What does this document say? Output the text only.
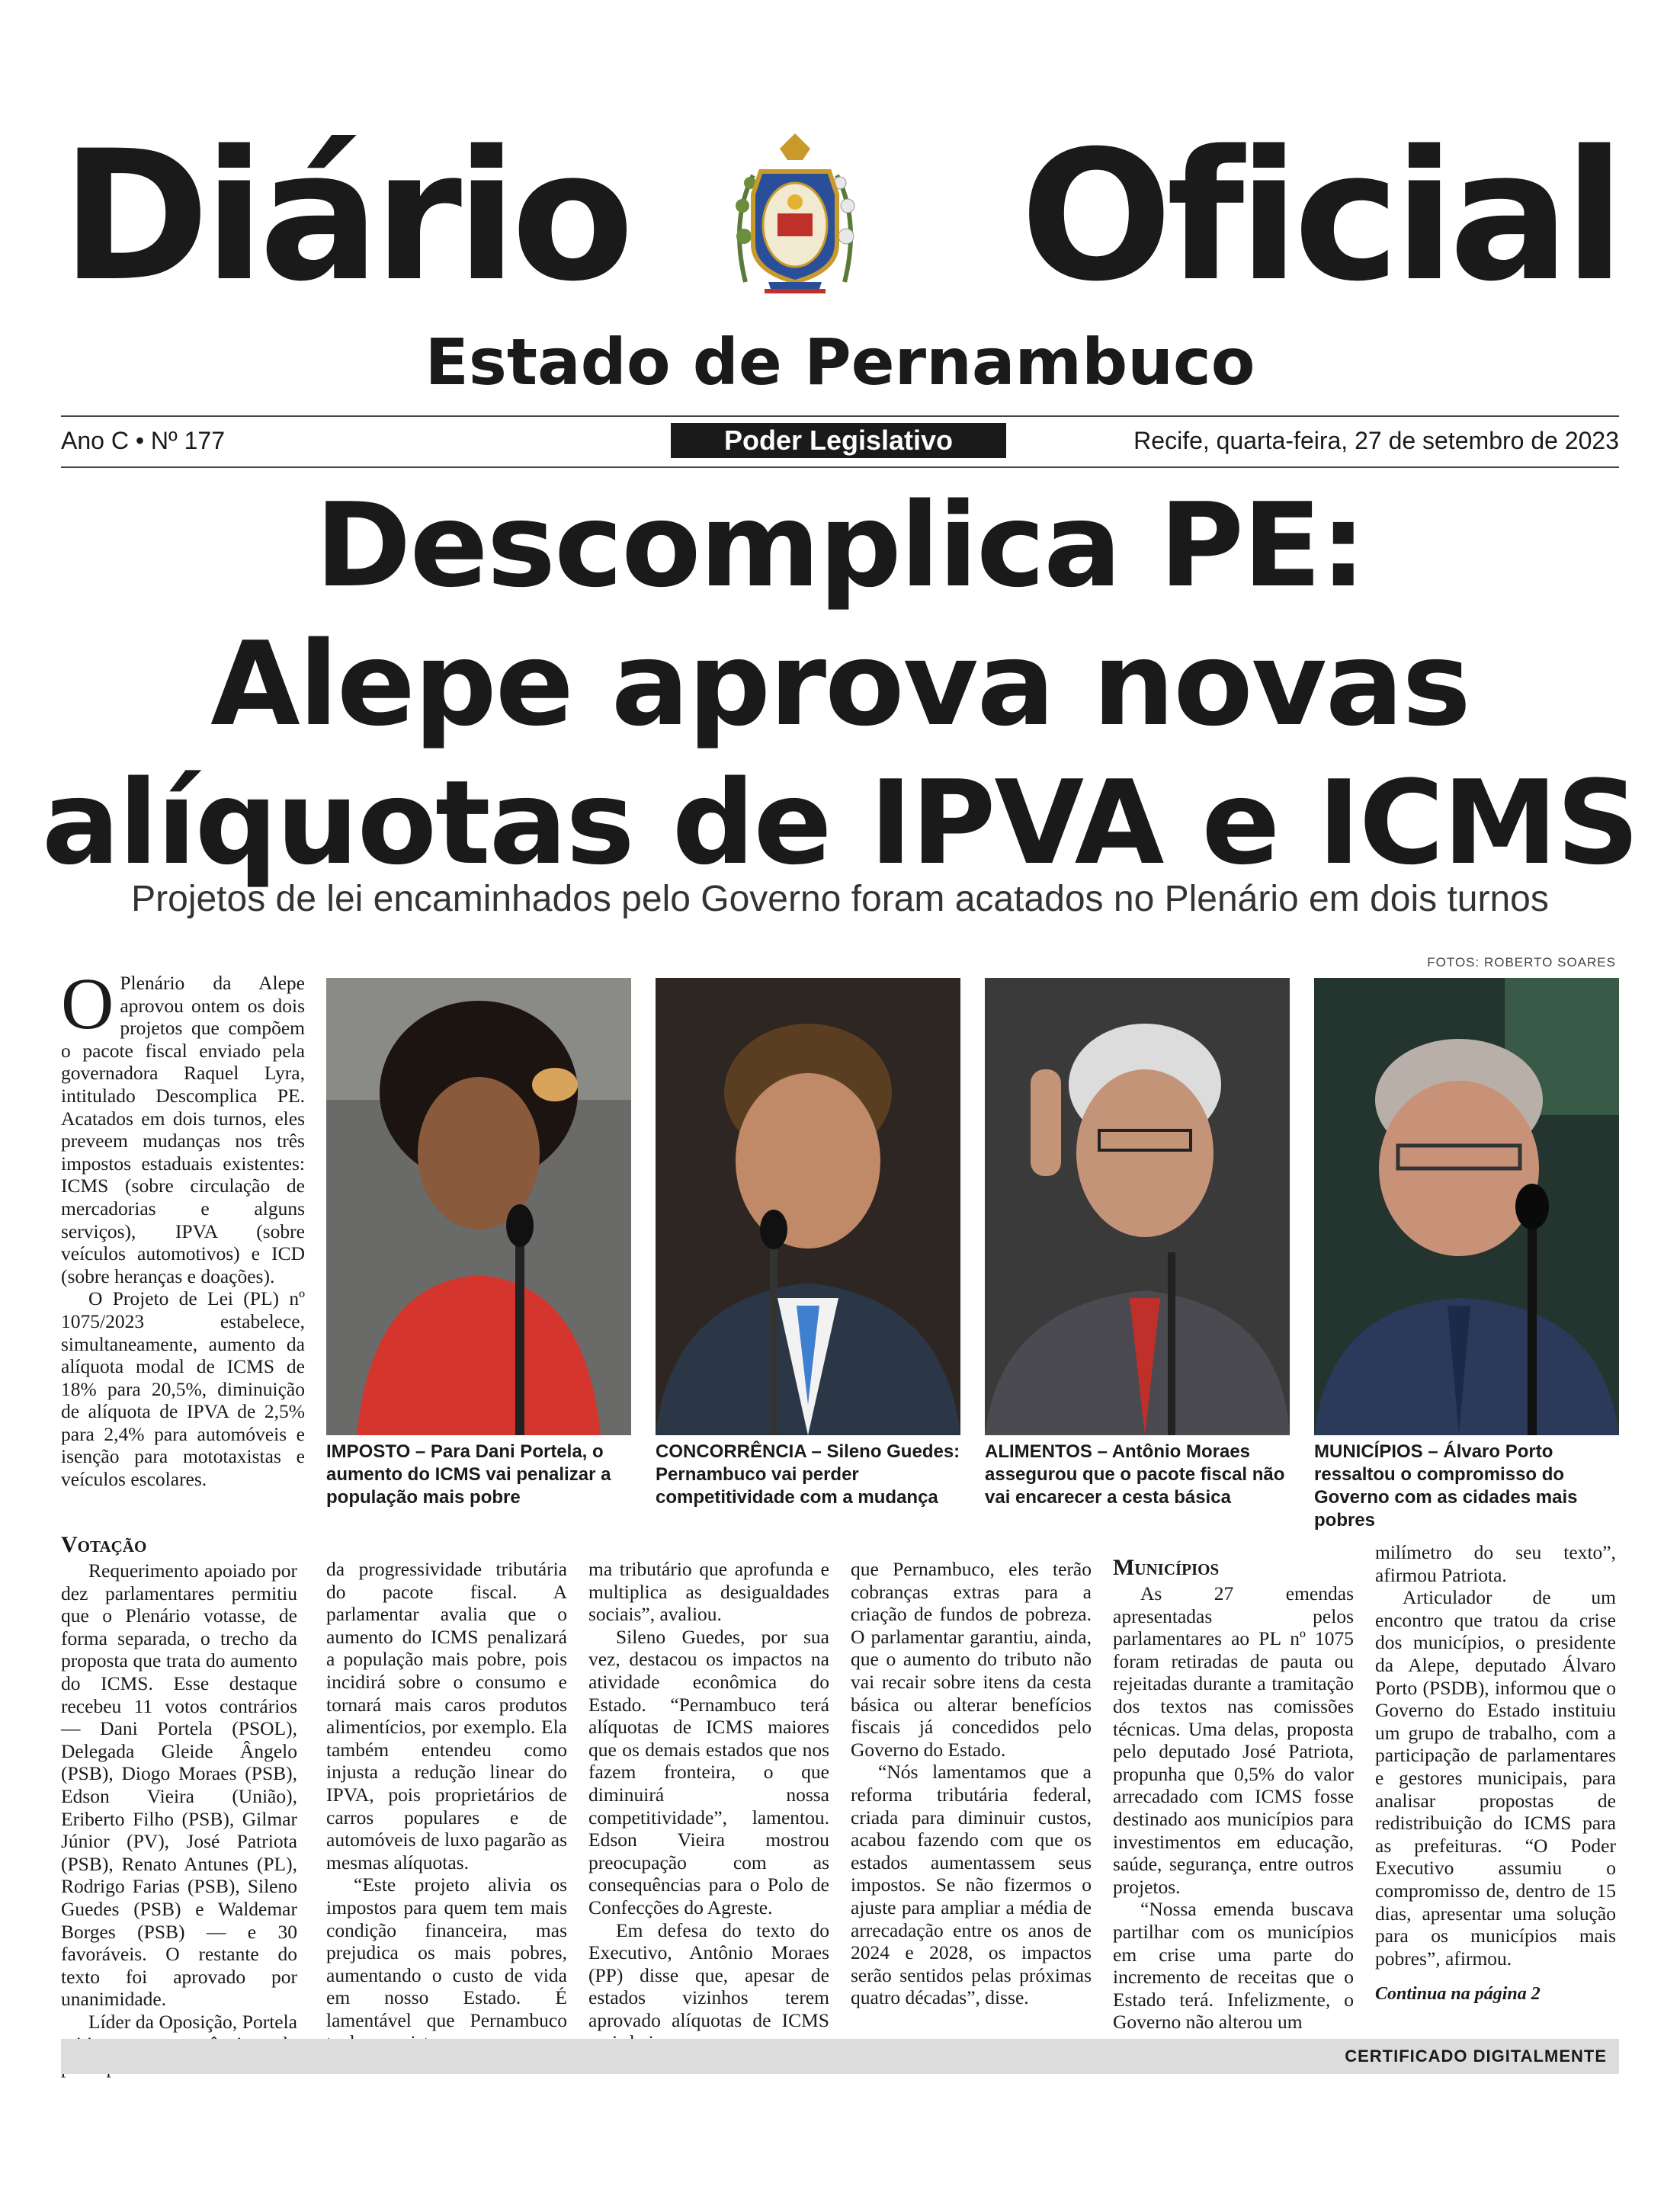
Diário Oficial
Estado de Pernambuco
Ano C • Nº 177	Poder Legislativo	Recife, quarta-feira, 27 de setembro de 2023
Descomplica PE:
Alepe aprova novas
alíquotas de IPVA e ICMS
Projetos de lei encaminhados pelo Governo foram acatados no Plenário em dois turnos
FOTOS: ROBERTO SOARES

O Plenário da Alepe aprovou ontem os dois projetos que compõem o pacote fiscal enviado pela governadora Raquel Lyra, intitulado Descomplica PE. Acatados em dois turnos, eles preveem mudanças nos três impostos estaduais existentes: ICMS (sobre circulação de mercadorias e alguns serviços), IPVA (sobre veículos automotivos) e ICD (sobre heranças e doações).

O Projeto de Lei (PL) nº 1075/2023 estabelece, simultaneamente, aumento da alíquota modal de ICMS de 18% para 20,5%, diminuição de alíquota de IPVA de 2,5% para 2,4% para automóveis e isenção para mototaxistas e veículos escolares.

IMPOSTO – Para Dani Portela, o aumento do ICMS vai penalizar a população mais pobre
CONCORRÊNCIA – Sileno Guedes: Pernambuco vai perder competitividade com a mudança
ALIMENTOS – Antônio Moraes assegurou que o pacote fiscal não vai encarecer a cesta básica
MUNICÍPIOS – Álvaro Porto ressaltou o compromisso do Governo com as cidades mais pobres

Votação

Requerimento apoiado por dez parlamentares permitiu que o Plenário votasse, de forma separada, o trecho da proposta que trata do aumento do ICMS. Esse destaque recebeu 11 votos contrários — Dani Portela (PSOL), Delegada Gleide Ângelo (PSB), Diogo Moraes (PSB), Edson Vieira (União), Eriberto Filho (PSB), Gilmar Júnior (PV), José Patriota (PSB), Renato Antunes (PL), Rodrigo Farias (PSB), Sileno Guedes (PSB) e Waldemar Borges (PSB) — e 30 favoráveis. O restante do texto foi aprovado por unanimidade.

Líder da Oposição, Portela

da progressividade tributária do pacote fiscal. A parlamentar avalia que o aumento do ICMS penalizará a população mais pobre, pois incidirá sobre o consumo e tornará mais caros produtos alimentícios, por exemplo. Ela também entendeu como injusta a redução linear do IPVA, pois proprietários de carros populares e de automóveis de luxo pagarão as mesmas alíquotas.

“Este projeto alivia os impostos para quem tem mais condição financeira, mas prejudica os mais pobres, aumentando o custo de vida em nosso Estado. É lamentável que Pernambuco

ma tributário que aprofunda e multiplica as desigualdades sociais”, avaliou.

Sileno Guedes, por sua vez, destacou os impactos na atividade econômica do Estado. “Pernambuco terá alíquotas de ICMS maiores que os demais estados que nos fazem fronteira, o que diminuirá nossa competitividade”, lamentou. Edson Vieira mostrou preocupação com as consequências para o Polo de Confecções do Agreste.

Em defesa do texto do Executivo, Antônio Moraes (PP) disse que, apesar de estados vizinhos terem aprovado alíquotas de ICMS

que Pernambuco, eles terão cobranças extras para a criação de fundos de pobreza. O parlamentar garantiu, ainda, que o aumento do tributo não vai recair sobre itens da cesta básica ou alterar benefícios fiscais já concedidos pelo Governo do Estado.

“Nós lamentamos que a reforma tributária federal, criada para diminuir custos, acabou fazendo com que os estados aumentassem seus impostos. Se não fizermos o ajuste para ampliar a média de arrecadação entre os anos de 2024 e 2028, os impactos serão sentidos pelas próximas quatro décadas”, disse.

Municípios

As 27 emendas apresentadas pelos parlamentares ao PL nº 1075 foram retiradas de pauta ou rejeitadas durante a tramitação dos textos nas comissões técnicas. Uma delas, proposta pelo deputado José Patriota, propunha que 0,5% do valor arrecadado com ICMS fosse destinado aos municípios para investimentos em educação, saúde, segurança, entre outros projetos.

“Nossa emenda buscava partilhar com os municípios em crise uma parte do incremento de receitas que o Estado terá. Infelizmente, o Governo não alterou um

milímetro do seu texto”, afirmou Patriota.

Articulador de um encontro que tratou da crise dos municípios, o presidente da Alepe, deputado Álvaro Porto (PSDB), informou que o Governo do Estado instituiu um grupo de trabalho, com a participação de parlamentares e gestores municipais, para analisar propostas de redistribuição do ICMS para as prefeituras. “O Poder Executivo assumiu o compromisso de, dentro de 15 dias, apresentar uma solução para os municípios mais pobres”, afirmou.

Continua na página 2

CERTIFICADO DIGITALMENTE
